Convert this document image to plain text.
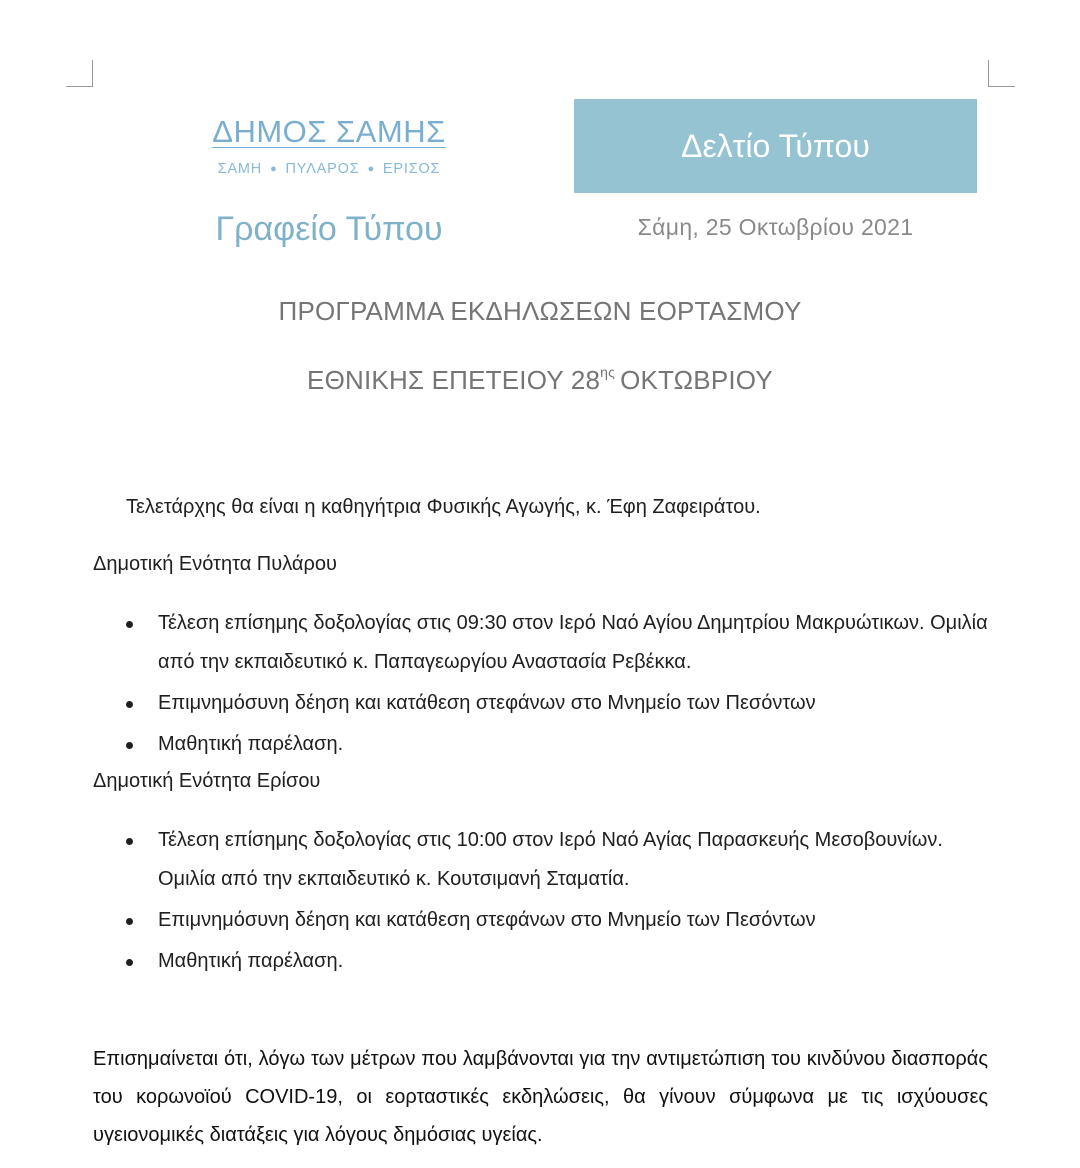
ΔΗΜΟΣ ΣΑΜΗΣ
ΣΑΜΗ ● ΠΥΛΑΡΟΣ ● ΕΡΙΣΟΣ
Γραφείο Τύπου
Δελτίο Τύπου
Σάμη, 25 Οκτωβρίου 2021
ΠΡΟΓΡΑΜΜΑ ΕΚΔΗΛΩΣΕΩΝ ΕΟΡΤΑΣΜΟΥ
ΕΘΝΙΚΗΣ ΕΠΕΤΕΙΟΥ $28^{\eta\varsigma}$ ΟΚΤΩΒΡΙΟΥ
Τελετάρχης θα είναι η καθηγήτρια Φυσικής Αγωγής, κ. Έφη Ζαφειράτου.
Δημοτική Ενότητα Πυλάρου
Τέλεση επίσημης δοξολογίας στις 09:30 στον Ιερό Ναό Αγίου Δημητρίου Μακρυώτικων. Ομιλία από την εκπαιδευτικό κ. Παπαγεωργίου Αναστασία Ρεβέκκα.
Επιμνημόσυνη δέηση και κατάθεση στεφάνων στο Μνημείο των Πεσόντων
Μαθητική παρέλαση.
Δημοτική Ενότητα Ερίσου
Τέλεση επίσημης δοξολογίας στις 10:00 στον Ιερό Ναό Αγίας Παρασκευής Μεσοβουνίων. Ομιλία από την εκπαιδευτικό κ. Κουτσιμανή Σταματία.
Επιμνημόσυνη δέηση και κατάθεση στεφάνων στο Μνημείο των Πεσόντων
Μαθητική παρέλαση.
Επισημαίνεται ότι, λόγω των μέτρων που λαμβάνονται για την αντιμετώπιση του κινδύνου διασποράς του κορωνοϊού COVID-19, οι εορταστικές εκδηλώσεις, θα γίνουν σύμφωνα με τις ισχύουσες υγειονομικές διατάξεις για λόγους δημόσιας υγείας.
